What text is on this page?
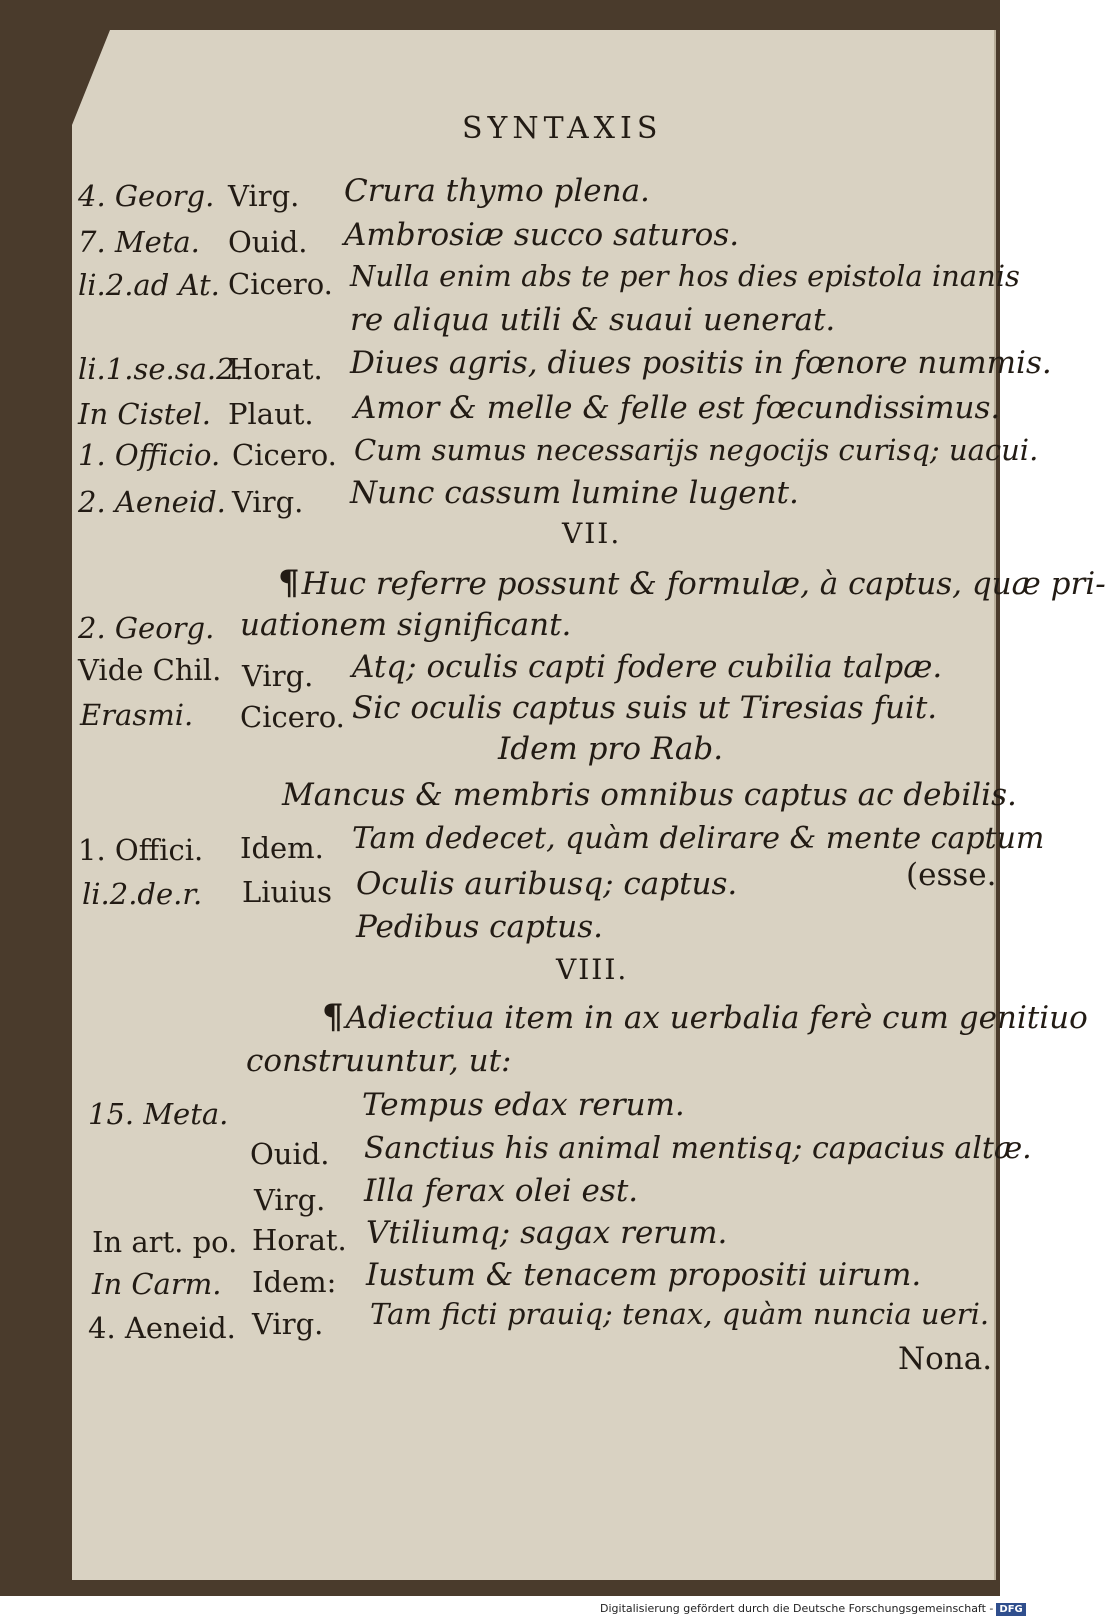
SYNTAXIS
4. Georg. Virg. Crura thymo plena.
7. Meta. Ouid. Ambrosiæ succo saturos.
li.2.ad At. Cicero. Nulla enim abs te per hos dies epistola inanis
re aliqua utili & suaui uenerat.
li.1.se.sa.2.
Horat. Diues agris, diues positis in fœnore nummis.
In Cistel. Plaut. Amor & melle & felle est fœcundissimus.
1. Officio. Cicero. Cum sumus necessarijs negocijs curisq; uacui.
2. Aeneid. Virg. Nunc cassum lumine lugent.
VII.
¶Huc referre possunt & formulæ, à captus, quæ pri-
uationem significant.
2. Georg.
Vide Chil. Virg. Atq; oculis capti fodere cubilia talpæ.
Erasmi. Cicero. Sic oculis captus suis ut Tiresias fuit.
Idem pro Rab.
Mancus & membris omnibus captus ac debilis.
1. Offici. Idem. Tam dedecet, quàm delirare & mente captum
li.2.de.r. Liuius Oculis auribusq; captus.	(esse.
Pedibus captus.
VIII.
¶Adiectiua item in ax uerbalia ferè cum genitiuo
construuntur, ut:
15. Meta.	Tempus edax rerum.
Ouid. Sanctius his animal mentisq; capacius altæ.
Virg. Illa ferax olei est.
In art. po. Horat. Vtiliumq; sagax rerum.
In Carm. Idem: Iustum & tenacem propositi uirum.
4. Aeneid. Virg. Tam ficti prauiq; tenax, quàm nuncia ueri.
Nona.
Digitalisierung gefördert durch die Deutsche Forschungsgemeinschaft - DFG
